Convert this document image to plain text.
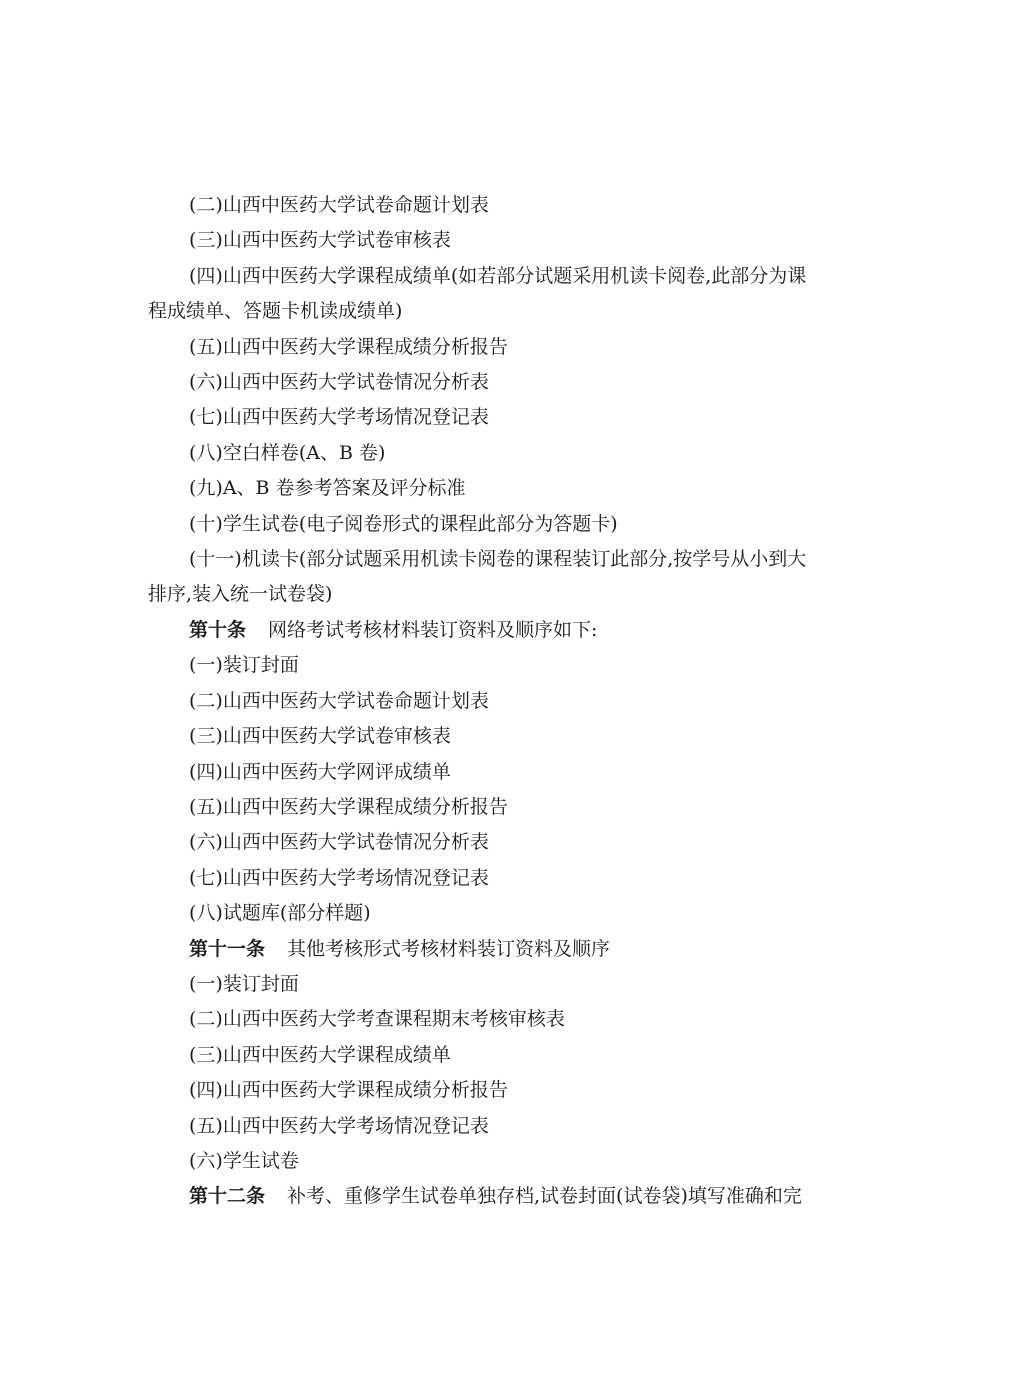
(二)山西中医药大学试卷命题计划表

(三)山西中医药大学试卷审核表

(四)山西中医药大学课程成绩单(如若部分试题采用机读卡阅卷,此部分为课

程成绩单、答题卡机读成绩单)

(五)山西中医药大学课程成绩分析报告

(六)山西中医药大学试卷情况分析表

(七)山西中医药大学考场情况登记表

(八)空白样卷(A、B 卷)

(九)A、B 卷参考答案及评分标准

(十)学生试卷(电子阅卷形式的课程此部分为答题卡)

(十一)机读卡(部分试题采用机读卡阅卷的课程装订此部分,按学号从小到大

排序,装入统一试卷袋)

第十条 网络考试考核材料装订资料及顺序如下:

(一)装订封面

(二)山西中医药大学试卷命题计划表

(三)山西中医药大学试卷审核表

(四)山西中医药大学网评成绩单

(五)山西中医药大学课程成绩分析报告

(六)山西中医药大学试卷情况分析表

(七)山西中医药大学考场情况登记表

(八)试题库(部分样题)

第十一条 其他考核形式考核材料装订资料及顺序

(一)装订封面

(二)山西中医药大学考查课程期末考核审核表

(三)山西中医药大学课程成绩单

(四)山西中医药大学课程成绩分析报告

(五)山西中医药大学考场情况登记表

(六)学生试卷

第十二条 补考、重修学生试卷单独存档,试卷封面(试卷袋)填写准确和完
